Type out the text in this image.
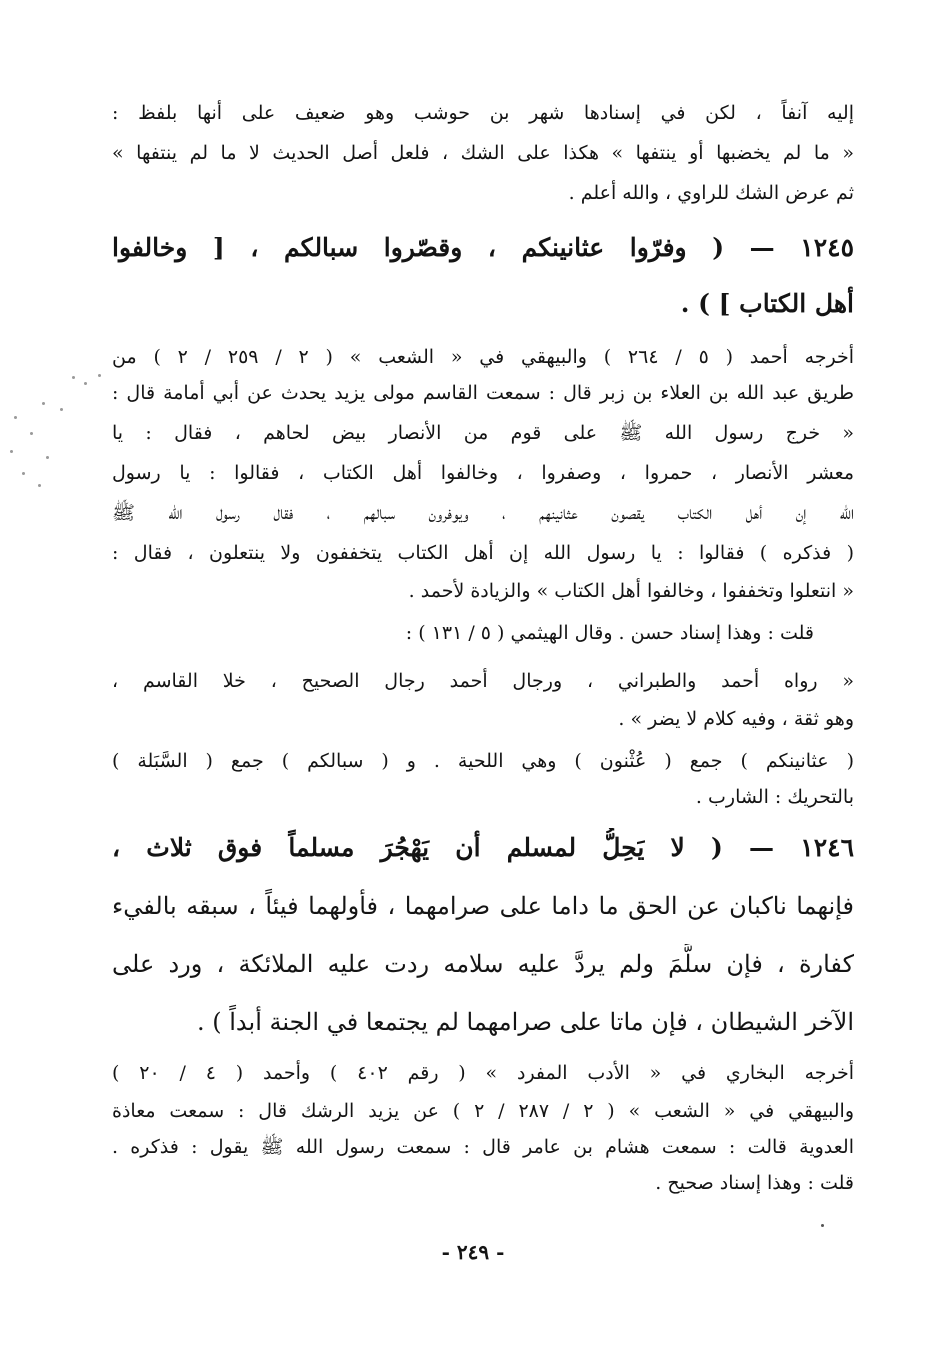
إليه آنفاً ، لكن في إسنادها شهر بن حوشب وهو ضعيف على أنها بلفظ :
« ما لم يخضبها أو ينتفها » هكذا على الشك ، فلعل أصل الحديث لا ما لم ينتفها »
ثم عرض الشك للراوي ، والله أعلم .
١٢٤٥ — ( وفرّوا عثانينكم ، وقصّروا سبالكم ، [ وخالفوا
أهل الكتاب ] ) .
أخرجه أحمد ( ٥ / ٢٦٤ ) والبيهقي في « الشعب » ( ٢ / ٢٥٩ / ٢ ) من
طريق عبد الله بن العلاء بن زبر قال : سمعت القاسم مولى يزيد يحدث عن أبي أمامة قال :
« خرج رسول الله ﷺ على قوم من الأنصار بيض لحاهم ، فقال : يا
معشر الأنصار ، حمروا ، وصفروا ، وخالفوا أهل الكتاب ، فقالوا : يا رسول
الله إن أهل الكتاب يقصون عثانينهم ، ويوفرون سبالهم ، فقال رسول الله ﷺ
( فذكره ) فقالوا : يا رسول الله إن أهل الكتاب يتخففون ولا ينتعلون ، فقال :
« انتعلوا وتخففوا ، وخالفوا أهل الكتاب » والزيادة لأحمد .
قلت : وهذا إسناد حسن . وقال الهيثمي ( ٥ / ١٣١ ) :
« رواه أحمد والطبراني ، ورجال أحمد رجال الصحيح ، خلا القاسم ،
وهو ثقة ، وفيه كلام لا يضر » .
( عثانينكم ) جمع ( عُثْنون ) وهي اللحية . و ( سبالكم ) جمع ( السَّبَلة )
بالتحريك : الشارب .
١٢٤٦ — ( لا يَحِلُّ لمسلم أن يَهْجُرَ مسلماً فوق ثلاث ،
فإنهما ناكبان عن الحق ما داما على صرامهما ، فأولهما فيئاً ، سبقه بالفيء
كفارة ، فإن سلَّمَ ولم يردَّ عليه سلامه ردت عليه الملائكة ، ورد على
الآخر الشيطان ، فإن ماتا على صرامهما لم يجتمعا في الجنة أبداً ) .
أخرجه البخاري في « الأدب المفرد » ( رقم ٤٠٢ ) وأحمد ( ٤ / ٢٠ )
والبيهقي في « الشعب » ( ٢ / ٢٨٧ / ٢ ) عن يزيد الرشك قال : سمعت معاذة
العدوية قالت : سمعت هشام بن عامر قال : سمعت رسول الله ﷺ يقول : فذكره .
قلت : وهذا إسناد صحيح .
- ٢٤٩ -
